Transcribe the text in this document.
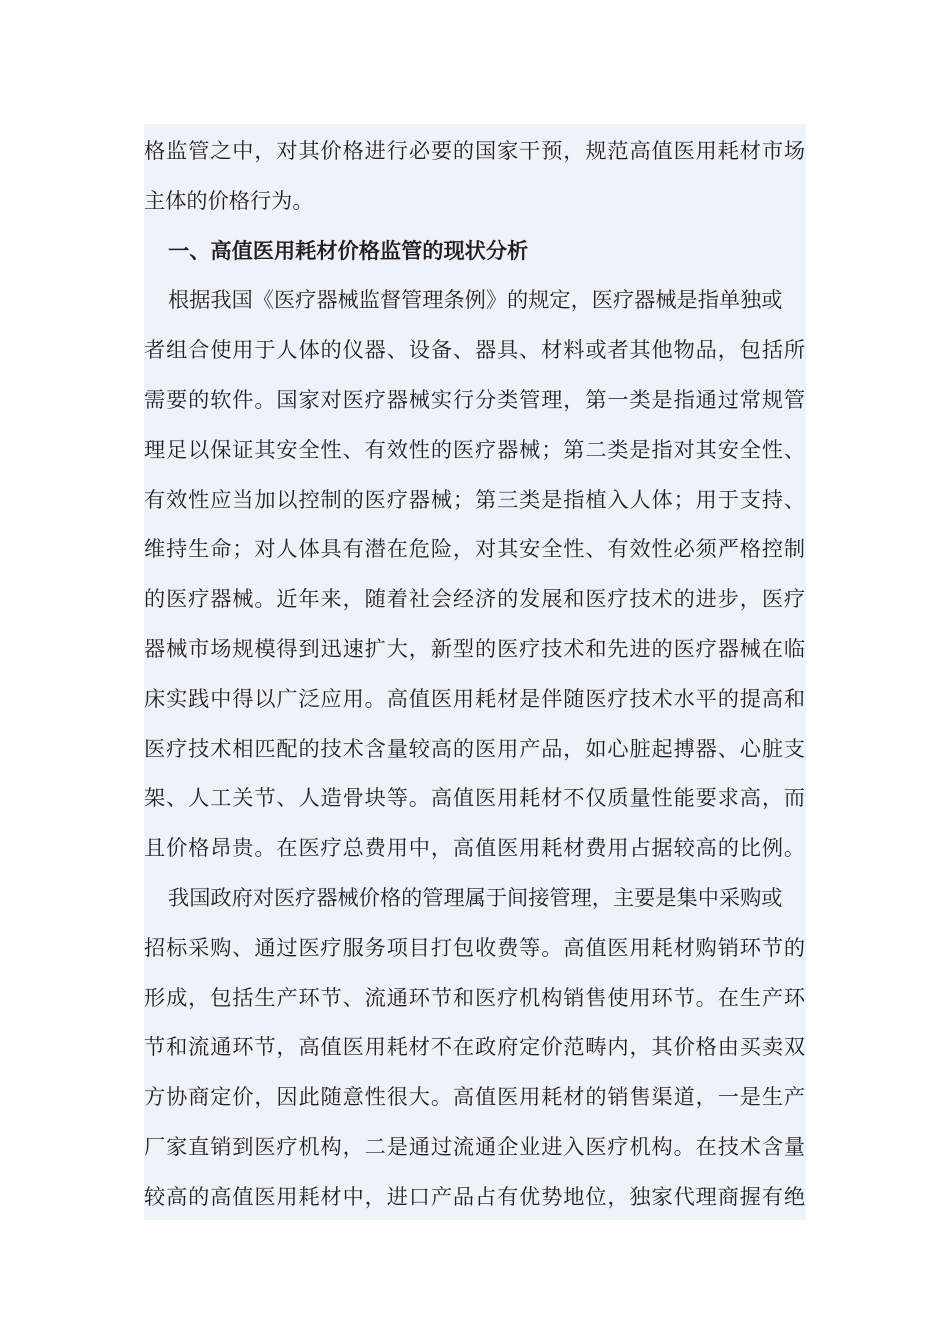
格监管之中，对其价格进行必要的国家干预，规范高值医用耗材市场
主体的价格行为。
一、高值医用耗材价格监管的现状分析
根据我国《医疗器械监督管理条例》的规定，医疗器械是指单独或
者组合使用于人体的仪器、设备、器具、材料或者其他物品，包括所
需要的软件。国家对医疗器械实行分类管理，第一类是指通过常规管
理足以保证其安全性、有效性的医疗器械；第二类是指对其安全性、
有效性应当加以控制的医疗器械；第三类是指植入人体；用于支持、
维持生命；对人体具有潜在危险，对其安全性、有效性必须严格控制
的医疗器械。近年来，随着社会经济的发展和医疗技术的进步，医疗
器械市场规模得到迅速扩大，新型的医疗技术和先进的医疗器械在临
床实践中得以广泛应用。高值医用耗材是伴随医疗技术水平的提高和
医疗技术相匹配的技术含量较高的医用产品，如心脏起搏器、心脏支
架、人工关节、人造骨块等。高值医用耗材不仅质量性能要求高，而
且价格昂贵。在医疗总费用中，高值医用耗材费用占据较高的比例。
我国政府对医疗器械价格的管理属于间接管理，主要是集中采购或
招标采购、通过医疗服务项目打包收费等。高值医用耗材购销环节的
形成，包括生产环节、流通环节和医疗机构销售使用环节。在生产环
节和流通环节，高值医用耗材不在政府定价范畴内，其价格由买卖双
方协商定价，因此随意性很大。高值医用耗材的销售渠道，一是生产
厂家直销到医疗机构，二是通过流通企业进入医疗机构。在技术含量
较高的高值医用耗材中，进口产品占有优势地位，独家代理商握有绝
